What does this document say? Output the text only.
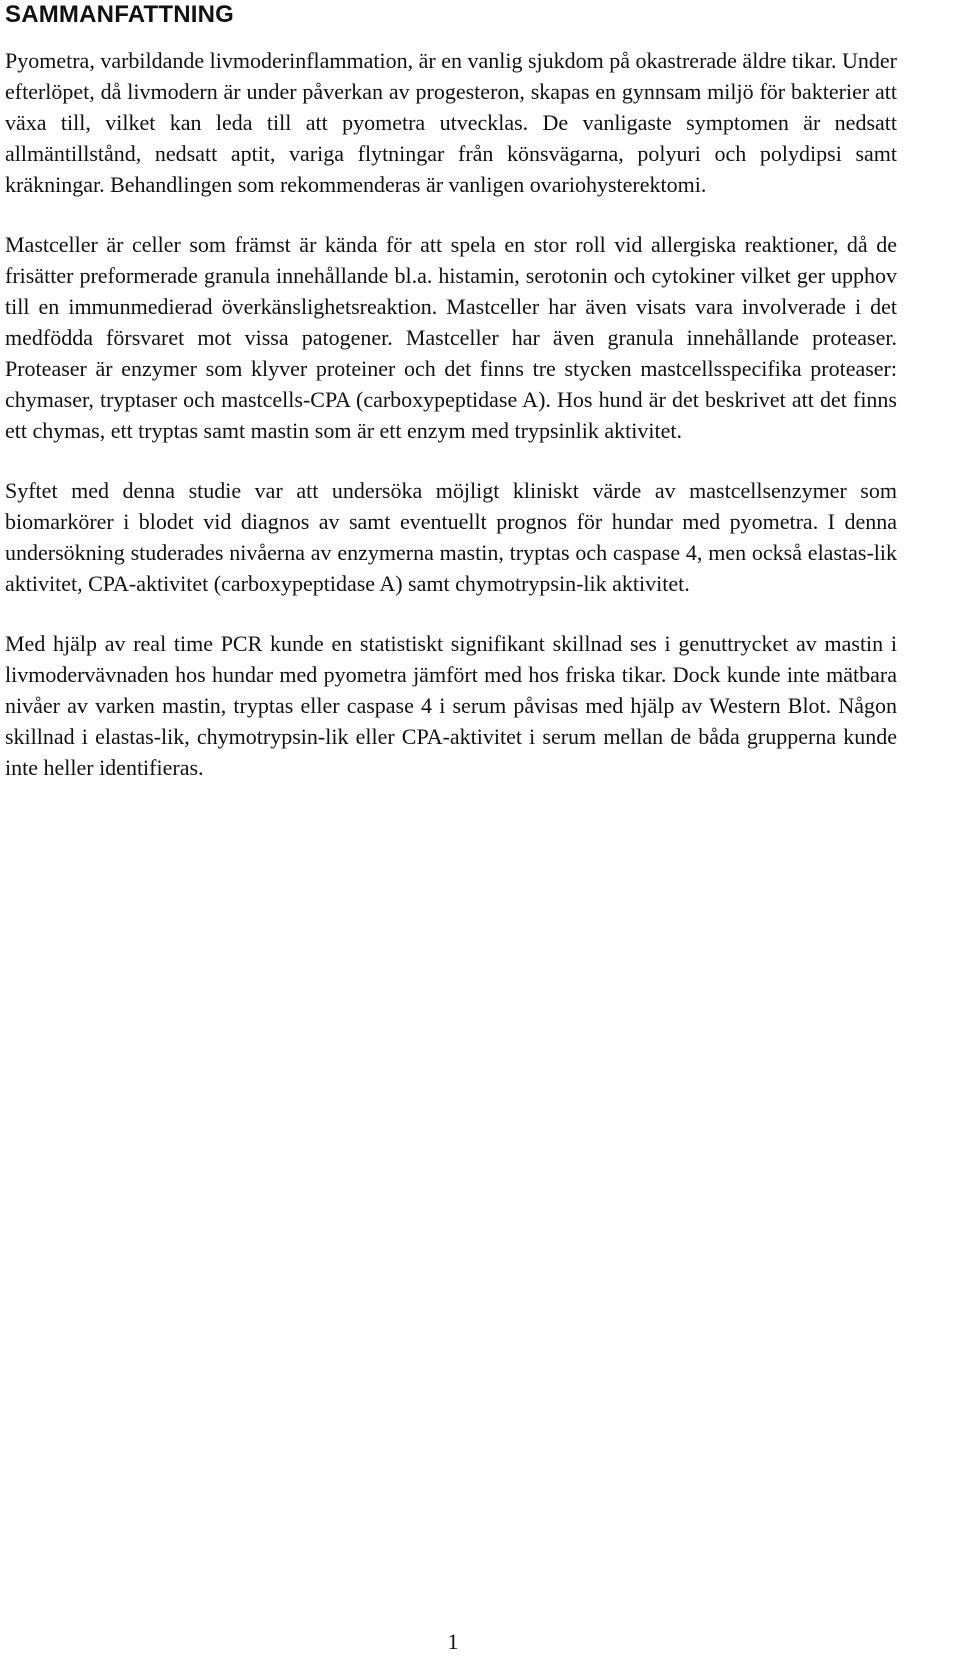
SAMMANFATTNING

Pyometra, varbildande livmoderinflammation, är en vanlig sjukdom på okastrerade äldre tikar. Under efterlöpet, då livmodern är under påverkan av progesteron, skapas en gynnsam miljö för bakterier att växa till, vilket kan leda till att pyometra utvecklas. De vanligaste symptomen är nedsatt allmäntillstånd, nedsatt aptit, variga flytningar från könsvägarna, polyuri och polydipsi samt kräkningar. Behandlingen som rekommenderas är vanligen ovariohysterektomi.

Mastceller är celler som främst är kända för att spela en stor roll vid allergiska reaktioner, då de frisätter preformerade granula innehållande bl.a. histamin, serotonin och cytokiner vilket ger upphov till en immunmedierad överkänslighetsreaktion. Mastceller har även visats vara involverade i det medfödda försvaret mot vissa patogener. Mastceller har även granula innehållande proteaser. Proteaser är enzymer som klyver proteiner och det finns tre stycken mastcellsspecifika proteaser: chymaser, tryptaser och mastcells-CPA (carboxypeptidase A). Hos hund är det beskrivet att det finns ett chymas, ett tryptas samt mastin som är ett enzym med trypsinlik aktivitet.

Syftet med denna studie var att undersöka möjligt kliniskt värde av mastcellsenzymer som biomarkörer i blodet vid diagnos av samt eventuellt prognos för hundar med pyometra. I denna undersökning studerades nivåerna av enzymerna mastin, tryptas och caspase 4, men också elastas-lik aktivitet, CPA-aktivitet (carboxypeptidase A) samt chymotrypsin-lik aktivitet.

Med hjälp av real time PCR kunde en statistiskt signifikant skillnad ses i genuttrycket av mastin i livmodervävnaden hos hundar med pyometra jämfört med hos friska tikar. Dock kunde inte mätbara nivåer av varken mastin, tryptas eller caspase 4 i serum påvisas med hjälp av Western Blot. Någon skillnad i elastas-lik, chymotrypsin-lik eller CPA-aktivitet i serum mellan de båda grupperna kunde inte heller identifieras.

1
